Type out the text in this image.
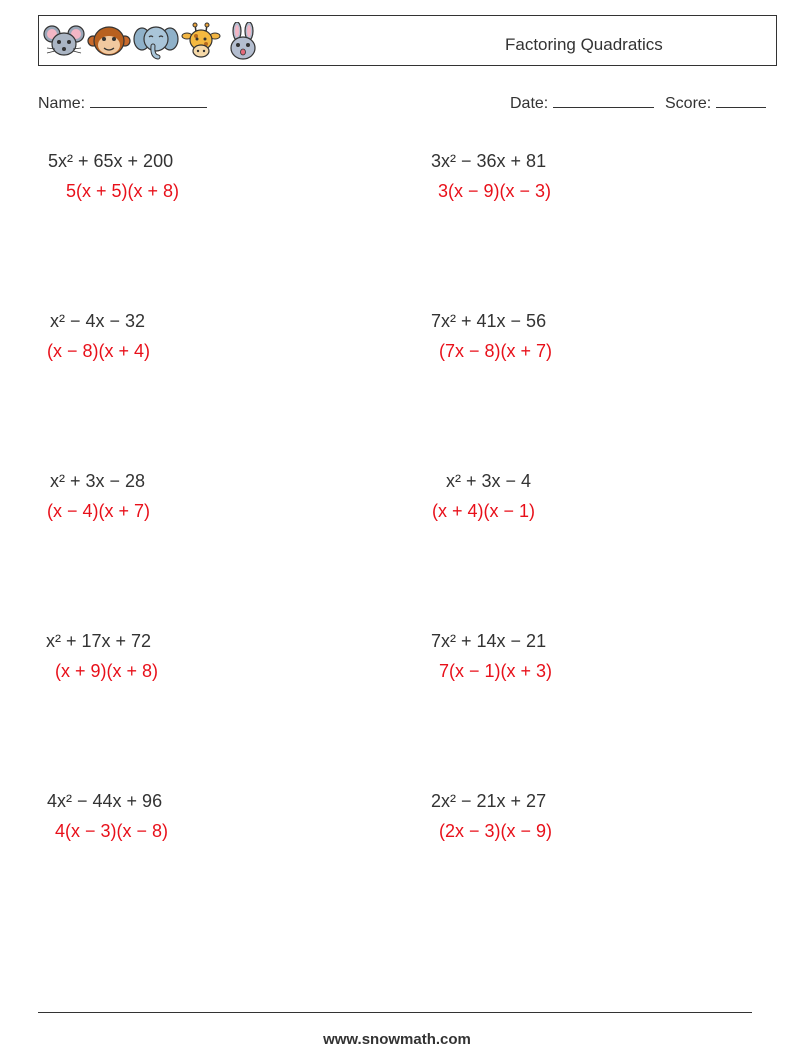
Factoring Quadratics
Name:	Date:	Score:
5x² + 65x + 200
5(x + 5)(x + 8)
3x² − 36x + 81
3(x − 9)(x − 3)
x² − 4x − 32
(x − 8)(x + 4)
7x² + 41x − 56
(7x − 8)(x + 7)
x² + 3x − 28
(x − 4)(x + 7)
x² + 3x − 4
(x + 4)(x − 1)
x² + 17x + 72
(x + 9)(x + 8)
7x² + 14x − 21
7(x − 1)(x + 3)
4x² − 44x + 96
4(x − 3)(x − 8)
2x² − 21x + 27
(2x − 3)(x − 9)
www.snowmath.com
